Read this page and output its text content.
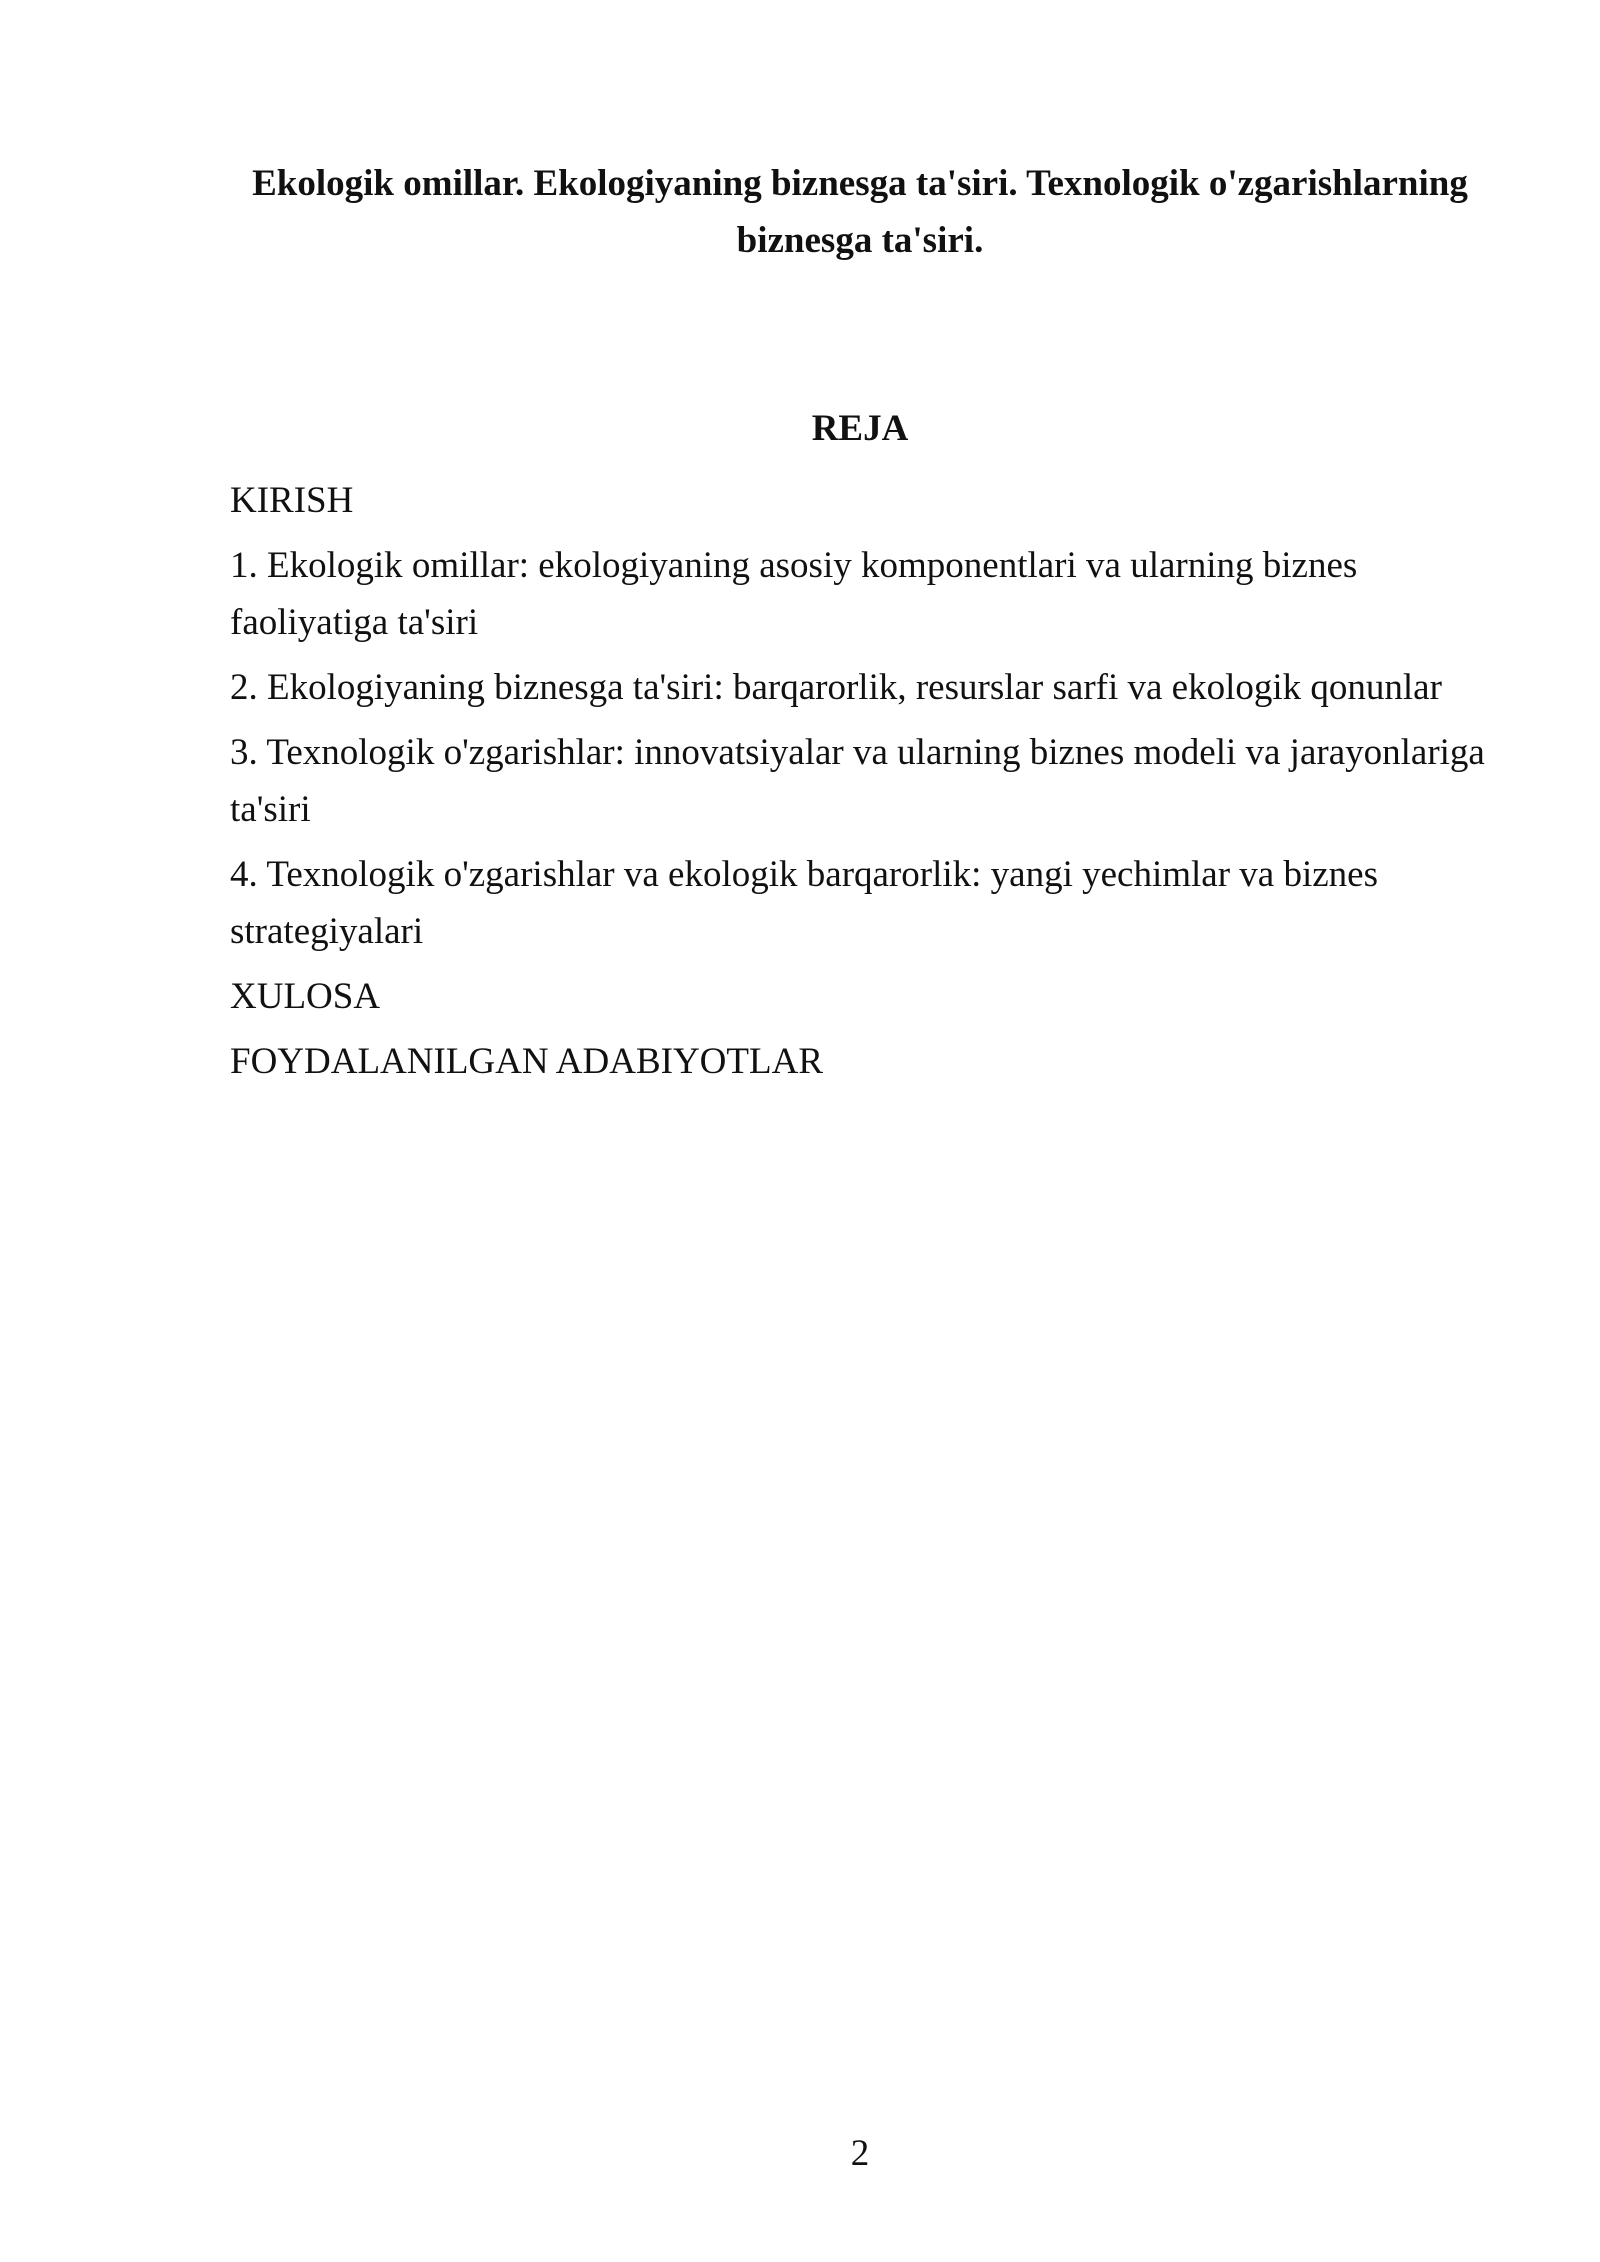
Ekologik omillar. Ekologiyaning biznesga ta'siri. Texnologik o'zgarishlarning biznesga ta'siri.
REJA
KIRISH
1. Ekologik omillar: ekologiyaning asosiy komponentlari va ularning biznes faoliyatiga ta'siri
2. Ekologiyaning biznesga ta'siri: barqarorlik, resurslar sarfi va ekologik qonunlar
3. Texnologik o'zgarishlar: innovatsiyalar va ularning biznes modeli va jarayonlariga ta'siri
4. Texnologik o'zgarishlar va ekologik barqarorlik: yangi yechimlar va biznes strategiyalari
XULOSA
FOYDALANILGAN ADABIYOTLAR
2
